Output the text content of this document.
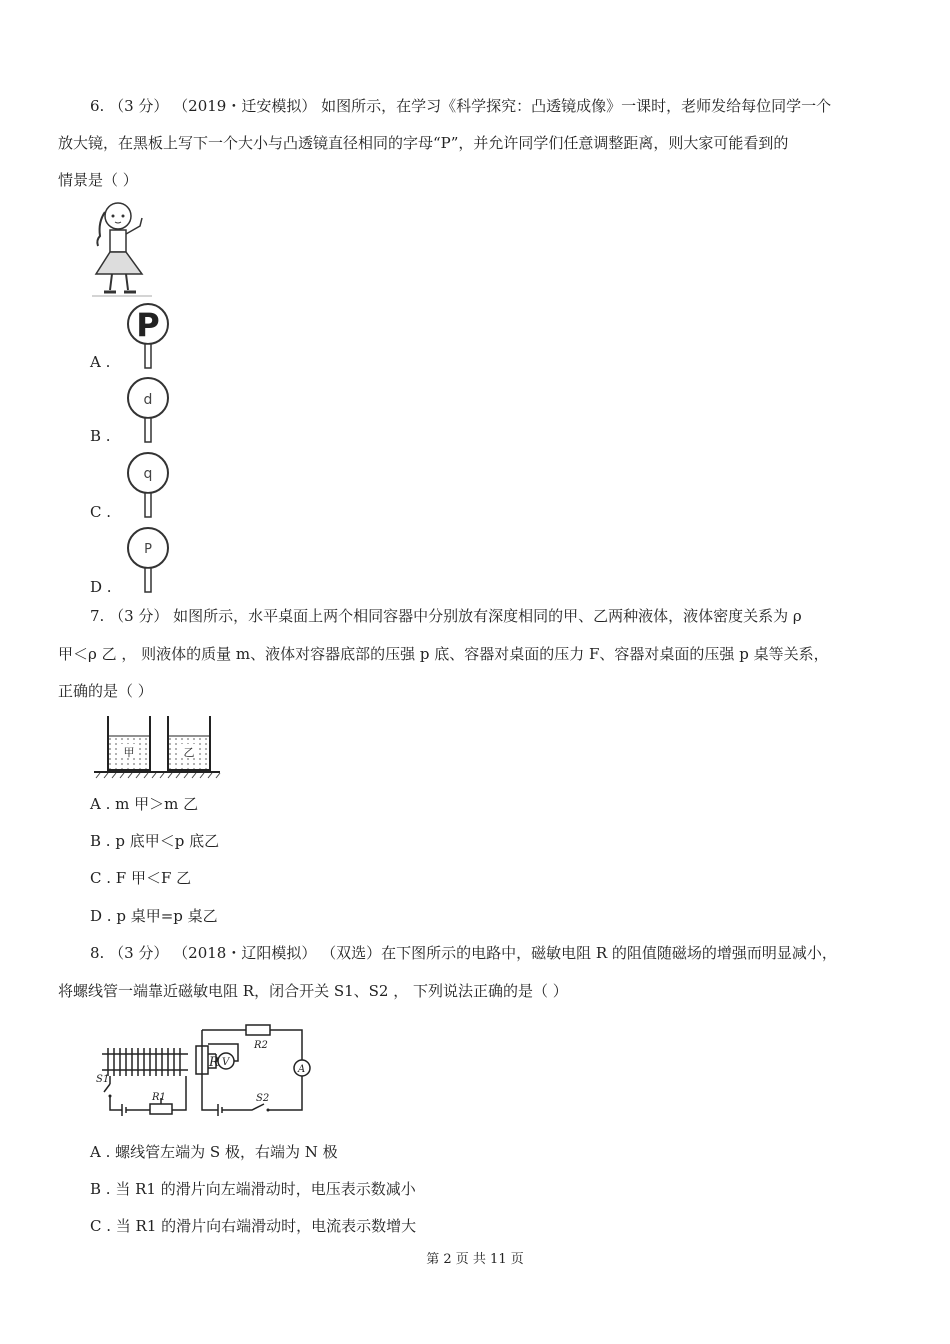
6. （3 分） （2019・迁安模拟） 如图所示，在学习《科学探究：凸透镜成像》一课时，老师发给每位同学一个
放大镜，在黑板上写下一个大小与凸透镜直径相同的字母“P”，并允许同学们任意调整距离，则大家可能看到的
情景是（ ）
A .
P
B .
d
C .
q
D .
P
7. （3 分） 如图所示，水平桌面上两个相同容器中分别放有深度相同的甲、乙两种液体，液体密度关系为 ρ
甲＜ρ 乙 ， 则液体的质量 m、液体对容器底部的压强 p 底、容器对桌面的压力 F、容器对桌面的压强 p 桌等关系，
正确的是（ ）
甲	乙
A . m 甲＞m 乙
B . p 底甲＜p 底乙
C . F 甲＜F 乙
D . p 桌甲=p 桌乙
8. （3 分） （2018・辽阳模拟） （双选）在下图所示的电路中，磁敏电阻 R 的阻值随磁场的增强而明显减小，
将螺线管一端靠近磁敏电阻 R，闭合开关 S1、S2 ， 下列说法正确的是（ ）
S1
R1
R V
R2
A
S2
A . 螺线管左端为 S 极，右端为 N 极
B . 当 R1 的滑片向左端滑动时，电压表示数减小
C . 当 R1 的滑片向右端滑动时，电流表示数增大
第 2 页 共 11 页
